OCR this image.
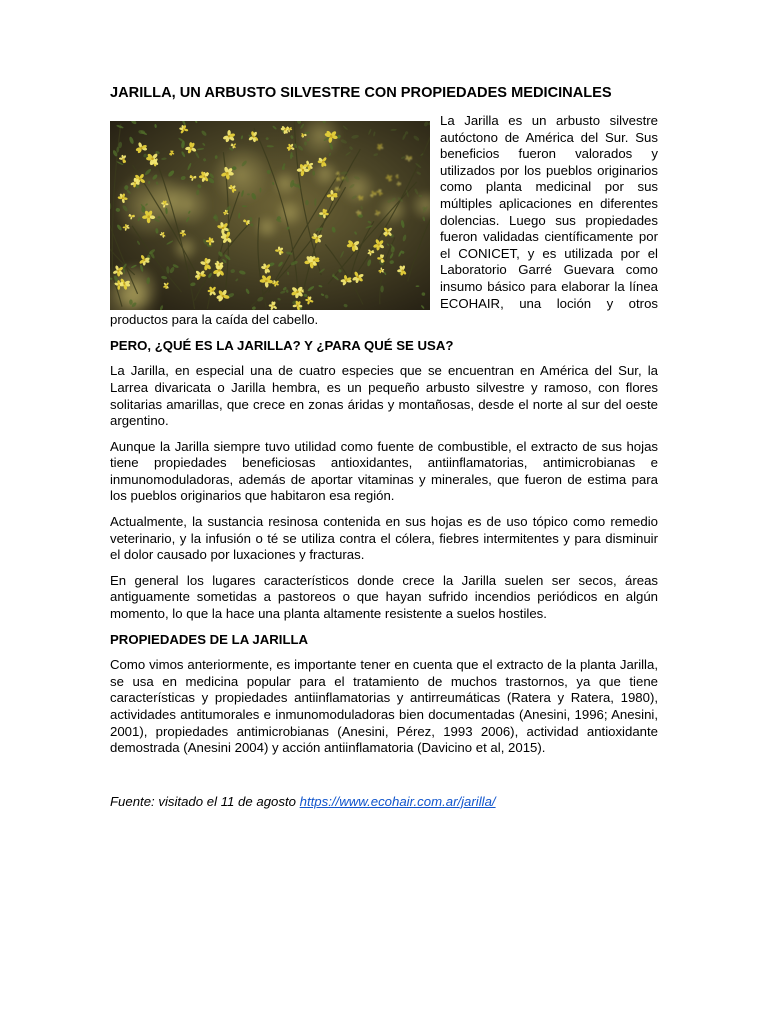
JARILLA, UN ARBUSTO SILVESTRE CON PROPIEDADES MEDICINALES

La Jarilla es un arbusto silvestre autóctono de América del Sur. Sus beneficios fueron valorados y utilizados por los pueblos originarios como planta medicinal por sus múltiples aplicaciones en diferentes dolencias. Luego sus propiedades fueron validadas científicamente por el CONICET, y es utilizada por el Laboratorio Garré Guevara como insumo básico para elaborar la línea ECOHAIR, una loción y otros productos para la caída del cabello.

PERO, ¿QUÉ ES LA JARILLA? Y ¿PARA QUÉ SE USA?

La Jarilla, en especial una de cuatro especies que se encuentran en América del Sur, la Larrea divaricata o Jarilla hembra, es un pequeño arbusto silvestre y ramoso, con flores solitarias amarillas, que crece en zonas áridas y montañosas, desde el norte al sur del oeste argentino.

Aunque la Jarilla siempre tuvo utilidad como fuente de combustible, el extracto de sus hojas tiene propiedades beneficiosas antioxidantes, antiinflamatorias, antimicrobianas e inmunomoduladoras, además de aportar vitaminas y minerales, que fueron de estima para los pueblos originarios que habitaron esa región.

Actualmente, la sustancia resinosa contenida en sus hojas es de uso tópico como remedio veterinario, y la infusión o té se utiliza contra el cólera, fiebres intermitentes y para disminuir el dolor causado por luxaciones y fracturas.

En general los lugares característicos donde crece la Jarilla suelen ser secos, áreas antiguamente sometidas a pastoreos o que hayan sufrido incendios periódicos en algún momento, lo que la hace una planta altamente resistente a suelos hostiles.

PROPIEDADES DE LA JARILLA

Como vimos anteriormente, es importante tener en cuenta que el extracto de la planta Jarilla, se usa en medicina popular para el tratamiento de muchos trastornos, ya que tiene características y propiedades antiinflamatorias y antirreumáticas (Ratera y Ratera, 1980), actividades antitumorales e inmunomoduladoras bien documentadas (Anesini, 1996; Anesini, 2001), propiedades antimicrobianas (Anesini, Pérez, 1993 2006), actividad antioxidante demostrada (Anesini 2004) y acción antiinflamatoria (Davicino et al, 2015).

Fuente: visitado el 11 de agosto https://www.ecohair.com.ar/jarilla/
